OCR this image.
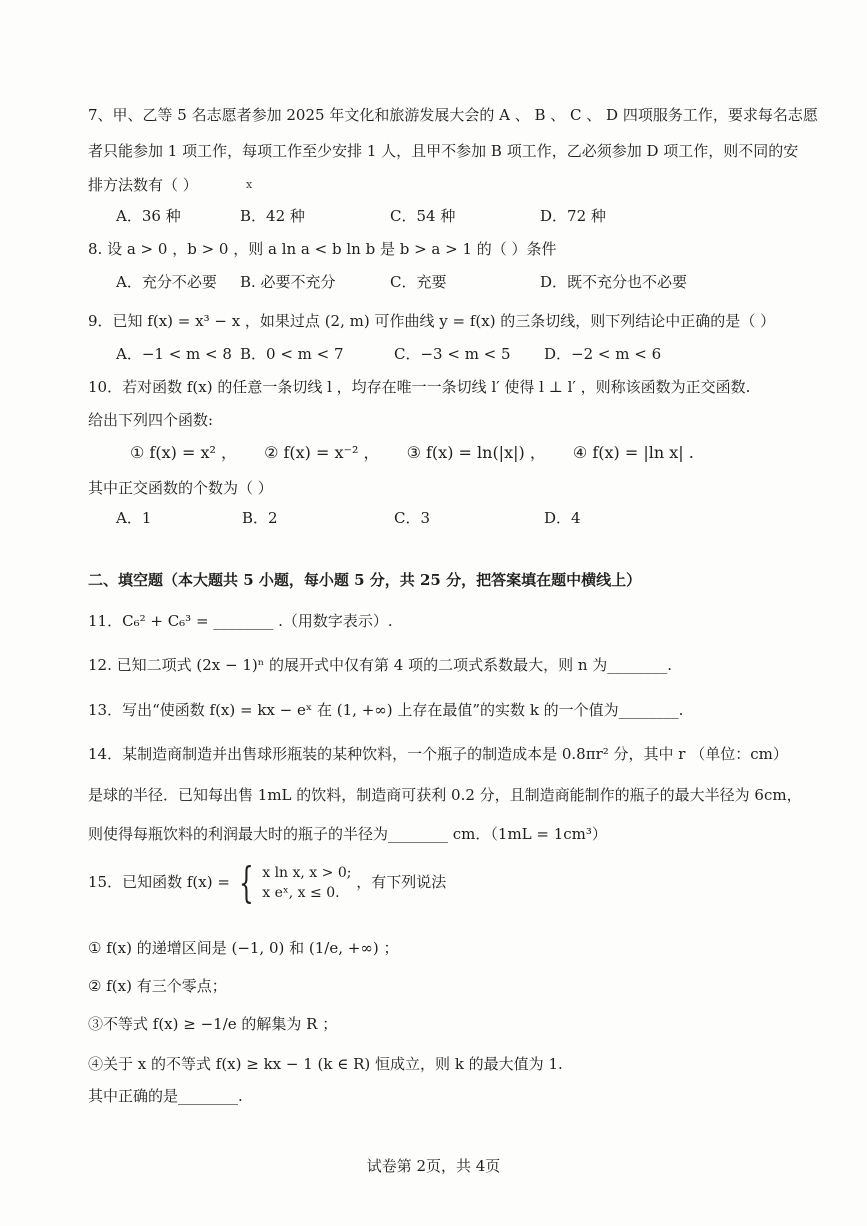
7、甲、乙等 5 名志愿者参加 2025 年文化和旅游发展大会的 A 、 B 、 C 、 D 四项服务工作，要求每名志愿
者只能参加 1 项工作，每项工作至少安排 1 人，且甲不参加 B 项工作，乙必须参加 D 项工作，则不同的安
排方法数有（ ）	x
A．36 种	B．42 种	C．54 种	D．72 种
8. 设 a > 0 ，b > 0 ，则 a ln a < b ln b 是 b > a > 1 的（ ）条件
A．充分不必要 B. 必要不充分	C．充要	D．既不充分也不必要
9．已知 f(x) = x³ − x ，如果过点 (2, m) 可作曲线 y = f(x) 的三条切线，则下列结论中正确的是（ ）
A．−1 < m < 8 B．0 < m < 7	C．−3 < m < 5 D．−2 < m < 6
10．若对函数 f(x) 的任意一条切线 l ，均存在唯一一条切线 l′ 使得 l ⊥ l′ ，则称该函数为正交函数.
给出下列四个函数:
① f(x) = x² ， ② f(x) = x⁻² ， ③ f(x) = ln(|x|) ， ④ f(x) = |ln x| .
其中正交函数的个数为（ ）
A．1	B．2	C．3	D．4
二、填空题（本大题共 5 小题，每小题 5 分，共 25 分，把答案填在题中横线上）
11．C₆² + C₆³ = ________ .（用数字表示）.
12. 已知二项式 (2x − 1)ⁿ 的展开式中仅有第 4 项的二项式系数最大，则 n 为________.
13．写出“使函数 f(x) = kx − eˣ 在 (1, +∞) 上存在最值”的实数 k 的一个值为________.
14．某制造商制造并出售球形瓶装的某种饮料，一个瓶子的制造成本是 0.8πr² 分，其中 r （单位：cm）
是球的半径．已知每出售 1mL 的饮料，制造商可获利 0.2 分，且制造商能制作的瓶子的最大半径为 6cm，
则使得每瓶饮料的利润最大时的瓶子的半径为________ cm．（1mL = 1cm³）
15．已知函数 f(x) = { x ln x, x > 0;
x eˣ, x ≤ 0. ，有下列说法
① f(x) 的递增区间是 (−1, 0) 和 (1/e, +∞) ；
② f(x) 有三个零点；
③不等式 f(x) ≥ −1/e 的解集为 R ；
④关于 x 的不等式 f(x) ≥ kx − 1 (k ∈ R) 恒成立，则 k 的最大值为 1.
其中正确的是________.
试卷第 2页，共 4页
